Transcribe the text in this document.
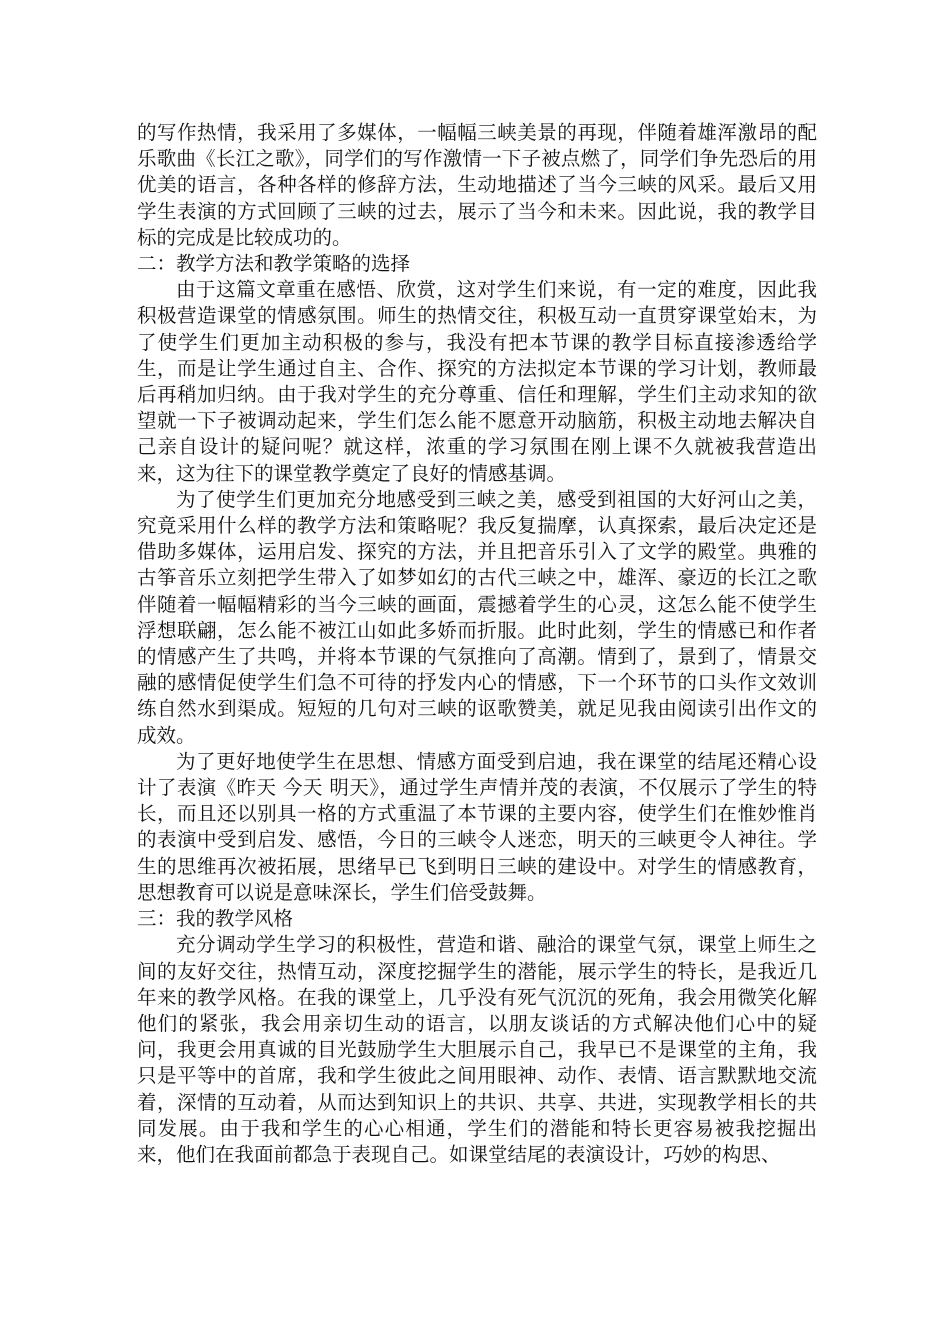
的写作热情，我采用了多媒体，一幅幅三峡美景的再现，伴随着雄浑激昂的配乐歌曲《长江之歌》，同学们的写作激情一下子被点燃了，同学们争先恐后的用优美的语言，各种各样的修辞方法，生动地描述了当今三峡的风采。最后又用学生表演的方式回顾了三峡的过去，展示了当今和未来。因此说，我的教学目标的完成是比较成功的。

二：教学方法和教学策略的选择

由于这篇文章重在感悟、欣赏，这对学生们来说，有一定的难度，因此我积极营造课堂的情感氛围。师生的热情交往，积极互动一直贯穿课堂始末，为了使学生们更加主动积极的参与，我没有把本节课的教学目标直接渗透给学生，而是让学生通过自主、合作、探究的方法拟定本节课的学习计划，教师最后再稍加归纳。由于我对学生的充分尊重、信任和理解，学生们主动求知的欲望就一下子被调动起来，学生们怎么能不愿意开动脑筋，积极主动地去解决自己亲自设计的疑问呢？就这样，浓重的学习氛围在刚上课不久就被我营造出来，这为往下的课堂教学奠定了良好的情感基调。

为了使学生们更加充分地感受到三峡之美，感受到祖国的大好河山之美，究竟采用什么样的教学方法和策略呢？我反复揣摩，认真探索，最后决定还是借助多媒体，运用启发、探究的方法，并且把音乐引入了文学的殿堂。典雅的古筝音乐立刻把学生带入了如梦如幻的古代三峡之中，雄浑、豪迈的长江之歌伴随着一幅幅精彩的当今三峡的画面，震撼着学生的心灵，这怎么能不使学生浮想联翩，怎么能不被江山如此多娇而折服。此时此刻，学生的情感已和作者的情感产生了共鸣，并将本节课的气氛推向了高潮。情到了，景到了，情景交融的感情促使学生们急不可待的抒发内心的情感，下一个环节的口头作文效训练自然水到渠成。短短的几句对三峡的讴歌赞美，就足见我由阅读引出作文的成效。

为了更好地使学生在思想、情感方面受到启迪，我在课堂的结尾还精心设计了表演《昨天 今天 明天》，通过学生声情并茂的表演，不仅展示了学生的特长，而且还以别具一格的方式重温了本节课的主要内容，使学生们在惟妙惟肖的表演中受到启发、感悟，今日的三峡令人迷恋，明天的三峡更令人神往。学生的思维再次被拓展，思绪早已飞到明日三峡的建设中。对学生的情感教育，思想教育可以说是意味深长，学生们倍受鼓舞。

三：我的教学风格

充分调动学生学习的积极性，营造和谐、融洽的课堂气氛，课堂上师生之间的友好交往，热情互动，深度挖掘学生的潜能，展示学生的特长，是我近几年来的教学风格。在我的课堂上，几乎没有死气沉沉的死角，我会用微笑化解他们的紧张，我会用亲切生动的语言，以朋友谈话的方式解决他们心中的疑问，我更会用真诚的目光鼓励学生大胆展示自己，我早已不是课堂的主角，我只是平等中的首席，我和学生彼此之间用眼神、动作、表情、语言默默地交流着，深情的互动着，从而达到知识上的共识、共享、共进，实现教学相长的共同发展。由于我和学生的心心相通，学生们的潜能和特长更容易被我挖掘出来，他们在我面前都急于表现自己。如课堂结尾的表演设计，巧妙的构思、
